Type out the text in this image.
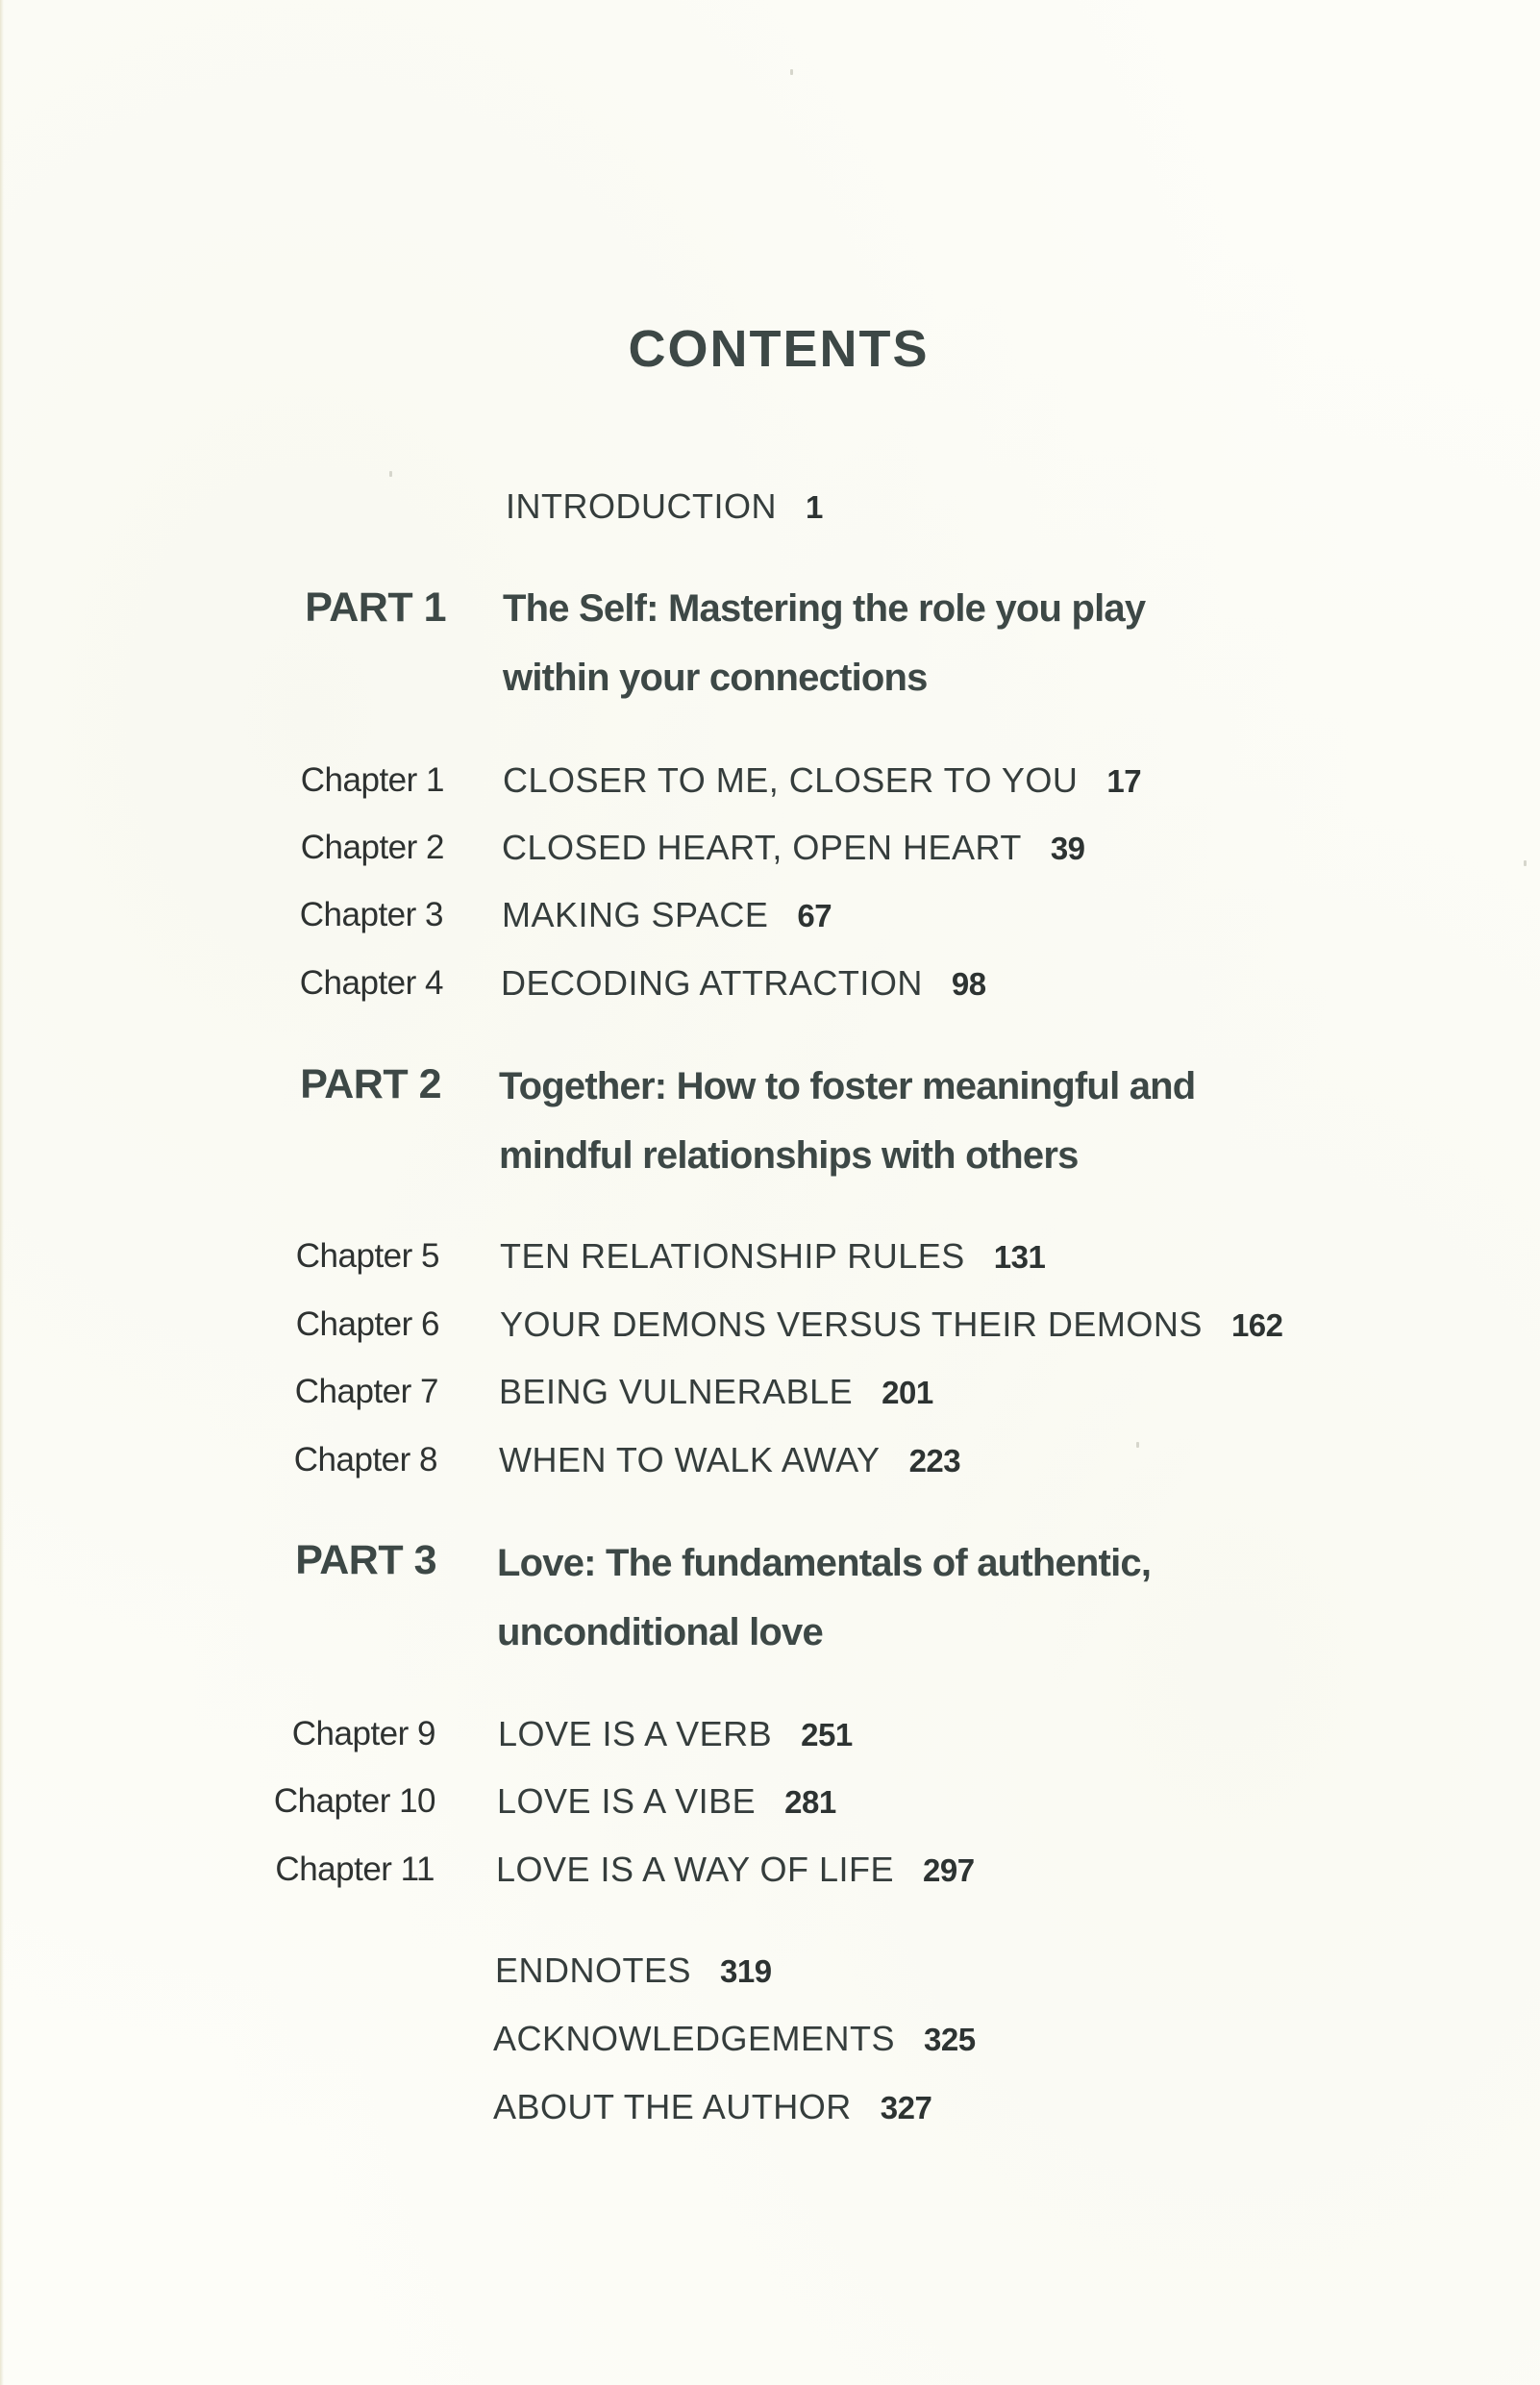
CONTENTS
INTRODUCTION 1
PART 1 The Self: Mastering the role you play
within your connections
Chapter 1 CLOSER TO ME, CLOSER TO YOU 17
Chapter 2 CLOSED HEART, OPEN HEART 39
Chapter 3 MAKING SPACE 67
Chapter 4 DECODING ATTRACTION 98
PART 2 Together: How to foster meaningful and
mindful relationships with others
Chapter 5 TEN RELATIONSHIP RULES 131
Chapter 6 YOUR DEMONS VERSUS THEIR DEMONS 162
Chapter 7 BEING VULNERABLE 201
Chapter 8 WHEN TO WALK AWAY 223
PART 3 Love: The fundamentals of authentic,
unconditional love
Chapter 9 LOVE IS A VERB 251
Chapter 10 LOVE IS A VIBE 281
Chapter 11 LOVE IS A WAY OF LIFE 297
ENDNOTES 319
ACKNOWLEDGEMENTS 325
ABOUT THE AUTHOR 327
